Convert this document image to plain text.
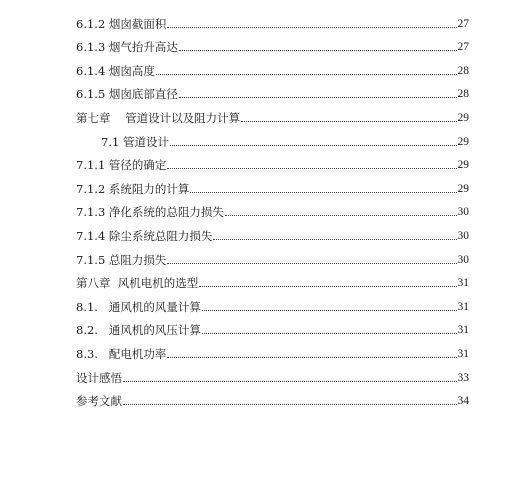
6.1.2 烟囱截面积	27
6.1.3 烟气抬升高达	27
6.1.4 烟囱高度	28
6.1.5 烟囱底部直径	28
第七章    管道设计以及阻力计算	29
7.1 管道设计	29
7.1.1 管径的确定	29
7.1.2 系统阻力的计算	29
7.1.3 净化系统的总阻力损失	30
7.1.4 除尘系统总阻力损失	30
7.1.5 总阻力损失	30
第八章  风机电机的选型	31
8.1.   通风机的风量计算	31
8.2.   通风机的风压计算	31
8.3.   配电机功率	31
设计感悟	33
参考文献	34
